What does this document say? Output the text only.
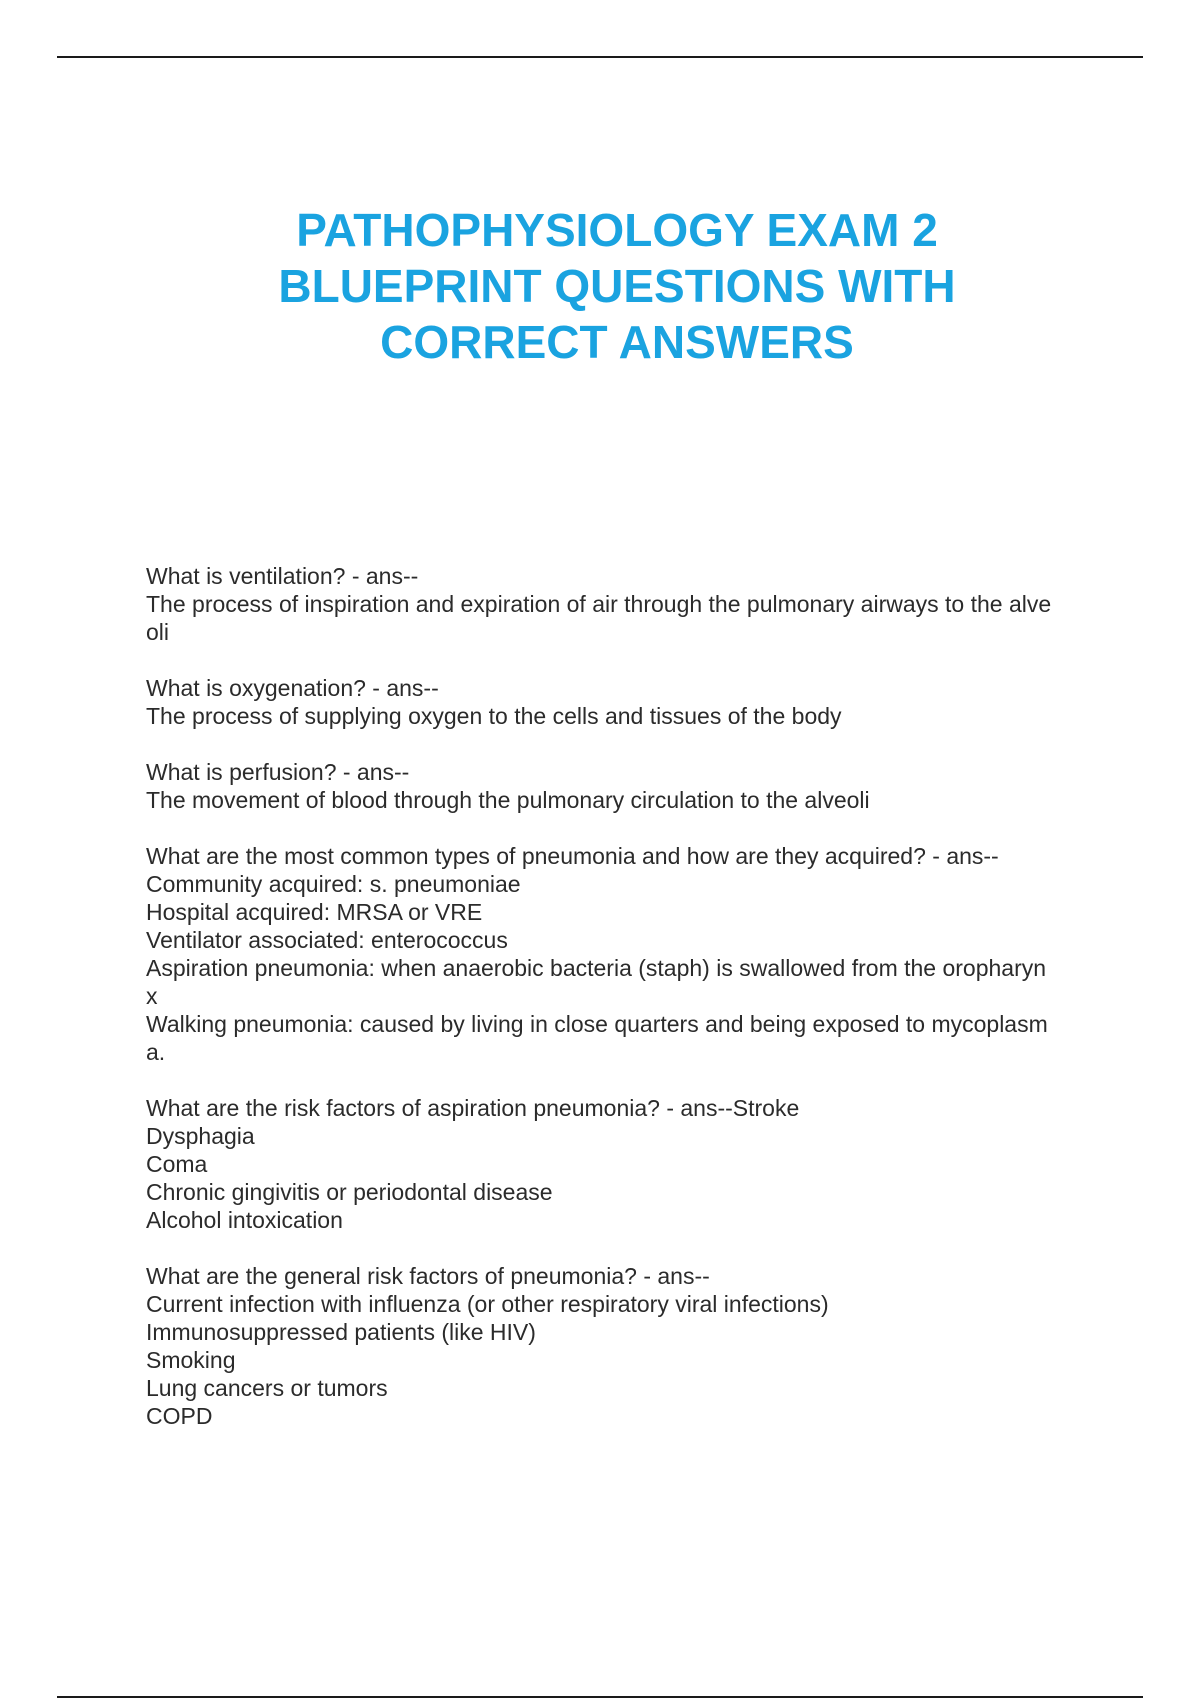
PATHOPHYSIOLOGY EXAM 2
BLUEPRINT QUESTIONS WITH
CORRECT ANSWERS
What is ventilation? - ans--
The process of inspiration and expiration of air through the pulmonary airways to the alve
oli
What is oxygenation? - ans--
The process of supplying oxygen to the cells and tissues of the body
What is perfusion? - ans--
The movement of blood through the pulmonary circulation to the alveoli
What are the most common types of pneumonia and how are they acquired? - ans--
Community acquired: s. pneumoniae
Hospital acquired: MRSA or VRE
Ventilator associated: enterococcus
Aspiration pneumonia: when anaerobic bacteria (staph) is swallowed from the oropharyn
x
Walking pneumonia: caused by living in close quarters and being exposed to mycoplasm
a.
What are the risk factors of aspiration pneumonia? - ans--Stroke
Dysphagia
Coma
Chronic gingivitis or periodontal disease
Alcohol intoxication
What are the general risk factors of pneumonia? - ans--
Current infection with influenza (or other respiratory viral infections)
Immunosuppressed patients (like HIV)
Smoking
Lung cancers or tumors
COPD
